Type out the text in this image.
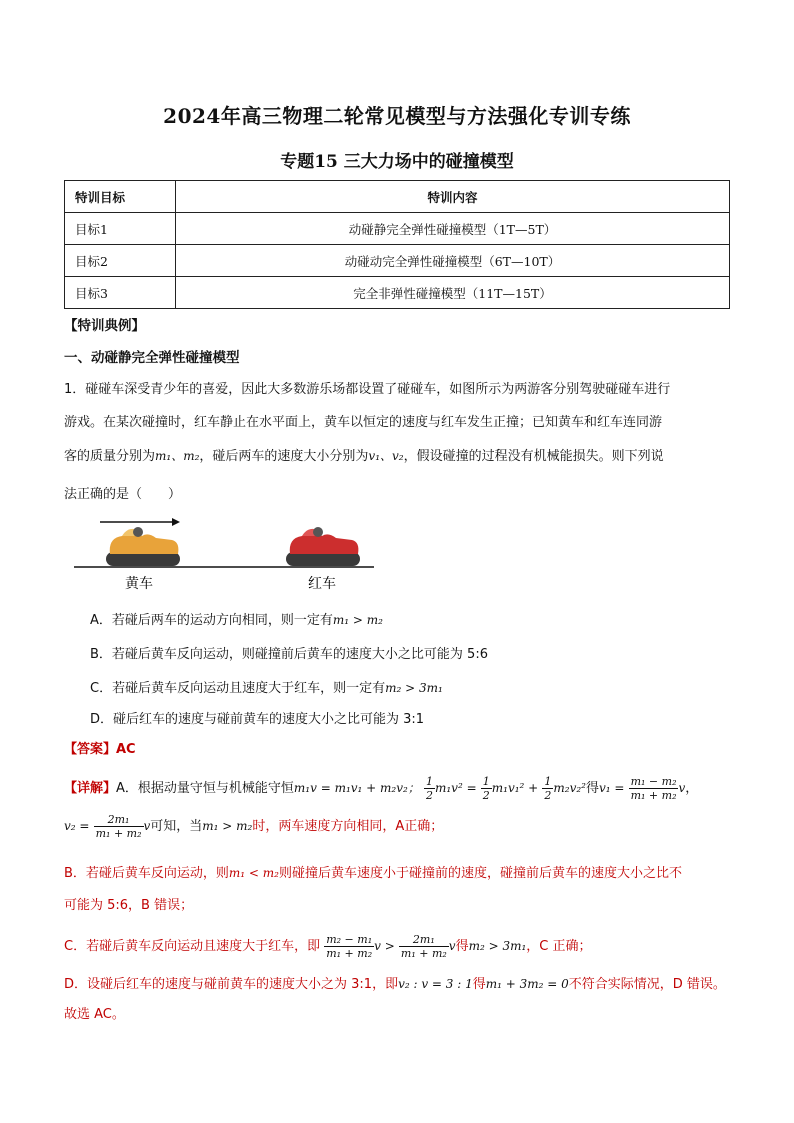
2024年高三物理二轮常见模型与方法强化专训专练
专题15 三大力场中的碰撞模型
特训目标	特训内容
目标1	动碰静完全弹性碰撞模型（1T—5T）
目标2	动碰动完全弹性碰撞模型（6T—10T）
目标3	完全非弹性碰撞模型（11T—15T）
【特训典例】
一、动碰静完全弹性碰撞模型
1．碰碰车深受青少年的喜爱，因此大多数游乐场都设置了碰碰车，如图所示为两游客分别驾驶碰碰车进行
游戏。在某次碰撞时，红车静止在水平面上，黄车以恒定的速度与红车发生正撞；已知黄车和红车连同游
客的质量分别为m₁、m₂，碰后两车的速度大小分别为v₁、v₂，假设碰撞的过程没有机械能损失。则下列说
法正确的是（　　）
黄车	红车
A．若碰后两车的运动方向相同，则一定有m₁ > m₂
B．若碰后黄车反向运动，则碰撞前后黄车的速度大小之比可能为 5:6
C．若碰后黄车反向运动且速度大于红车，则一定有m₂ > 3m₁
D．碰后红车的速度与碰前黄车的速度大小之比可能为 3:1
【答案】AC
【详解】A．根据动量守恒与机械能守恒m₁v = m₁v₁ + m₂v₂； $\frac{1}{2} m_1v^2 = \frac{1}{2} m_1v_1^2 + \frac{1}{2} m_2v_2^2$得$v_1 = \frac{\text{m₁ − m₂}}{\text{m₁ + m₂}}$ v，
$v_2 = \frac{\text{2m₁}}{\text{m₁ + m₂}}$ v可知，当m₁ > m₂时，两车速度方向相同，A正确；
B．若碰后黄车反向运动，则m₁ < m₂则碰撞后黄车速度小于碰撞前的速度，碰撞前后黄车的速度大小之比不
可能为 5:6，B 错误；
C．若碰后黄车反向运动且速度大于红车，即 $\frac{\text{m₂ − m₁}}{\text{m₁ + m₂}}$ $v > \frac{\text{2m₁}}{\text{m₁ + m₂}}$ v得m₂ > 3m₁，C 正确；
D．设碰后红车的速度与碰前黄车的速度大小之为 3:1，即v₂ : v = 3 : 1得m₁ + 3m₂ = 0不符合实际情况，D 错误。
故选 AC。
